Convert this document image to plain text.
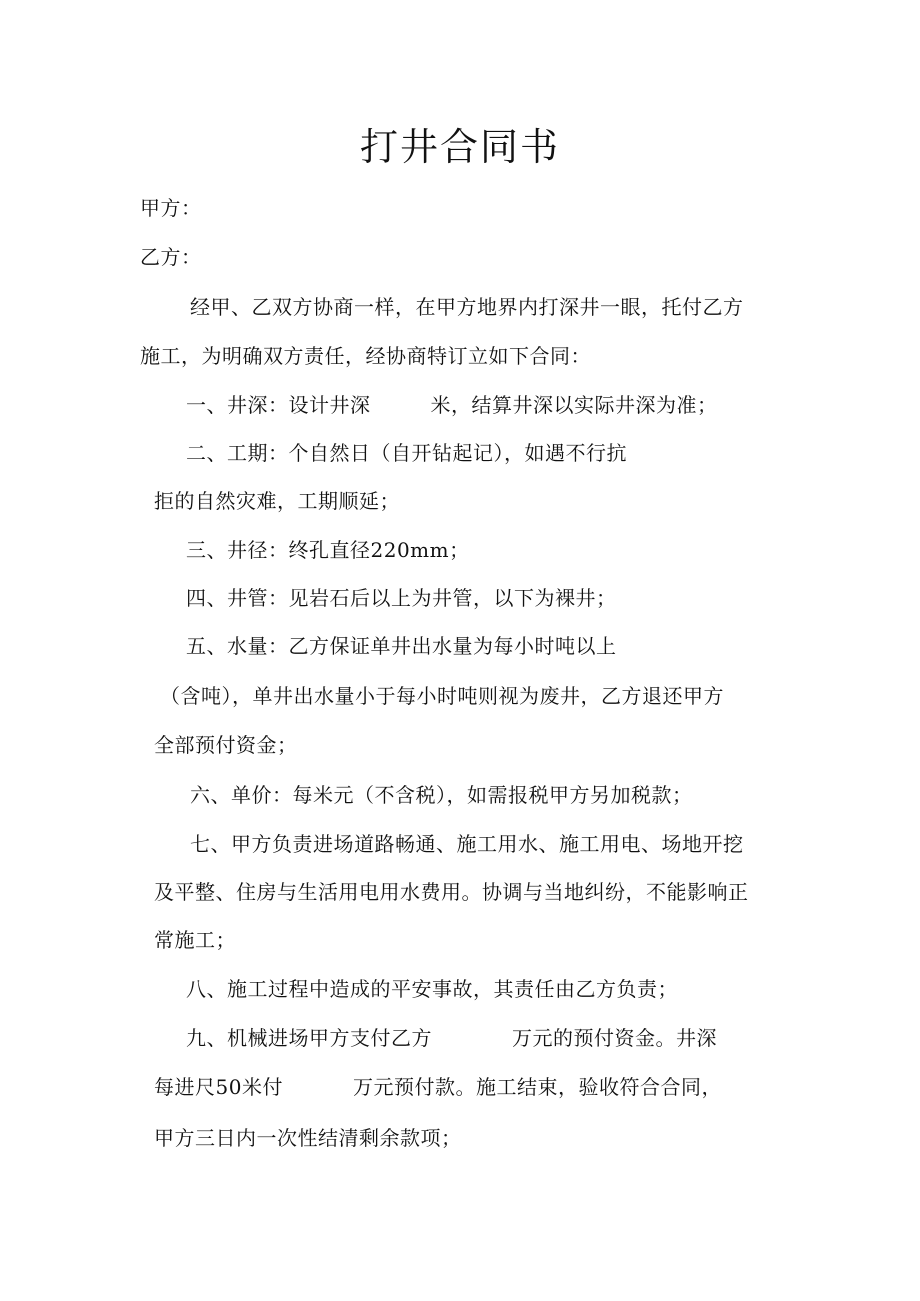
打井合同书
甲方：
乙方：
经甲、乙双方协商一样，在甲方地界内打深井一眼，托付乙方
施工，为明确双方责任，经协商特订立如下合同：
一、井深：设计井深	米，结算井深以实际井深为准；
二、工期：个自然日（自开钻起记），如遇不行抗
拒的自然灾难，工期顺延；
三、井径：终孔直径220mm；
四、井管：见岩石后以上为井管，以下为裸井；
五、水量：乙方保证单井出水量为每小时吨以上
（含吨），单井出水量小于每小时吨则视为废井，乙方退还甲方
全部预付资金；
六、单价：每米元（不含税），如需报税甲方另加税款；
七、甲方负责进场道路畅通、施工用水、施工用电、场地开挖
及平整、住房与生活用电用水费用。协调与当地纠纷，不能影响正
常施工；
八、施工过程中造成的平安事故，其责任由乙方负责；
九、机械进场甲方支付乙方	万元的预付资金。井深
每进尺50米付	万元预付款。施工结束，验收符合合同，
甲方三日内一次性结清剩余款项；
